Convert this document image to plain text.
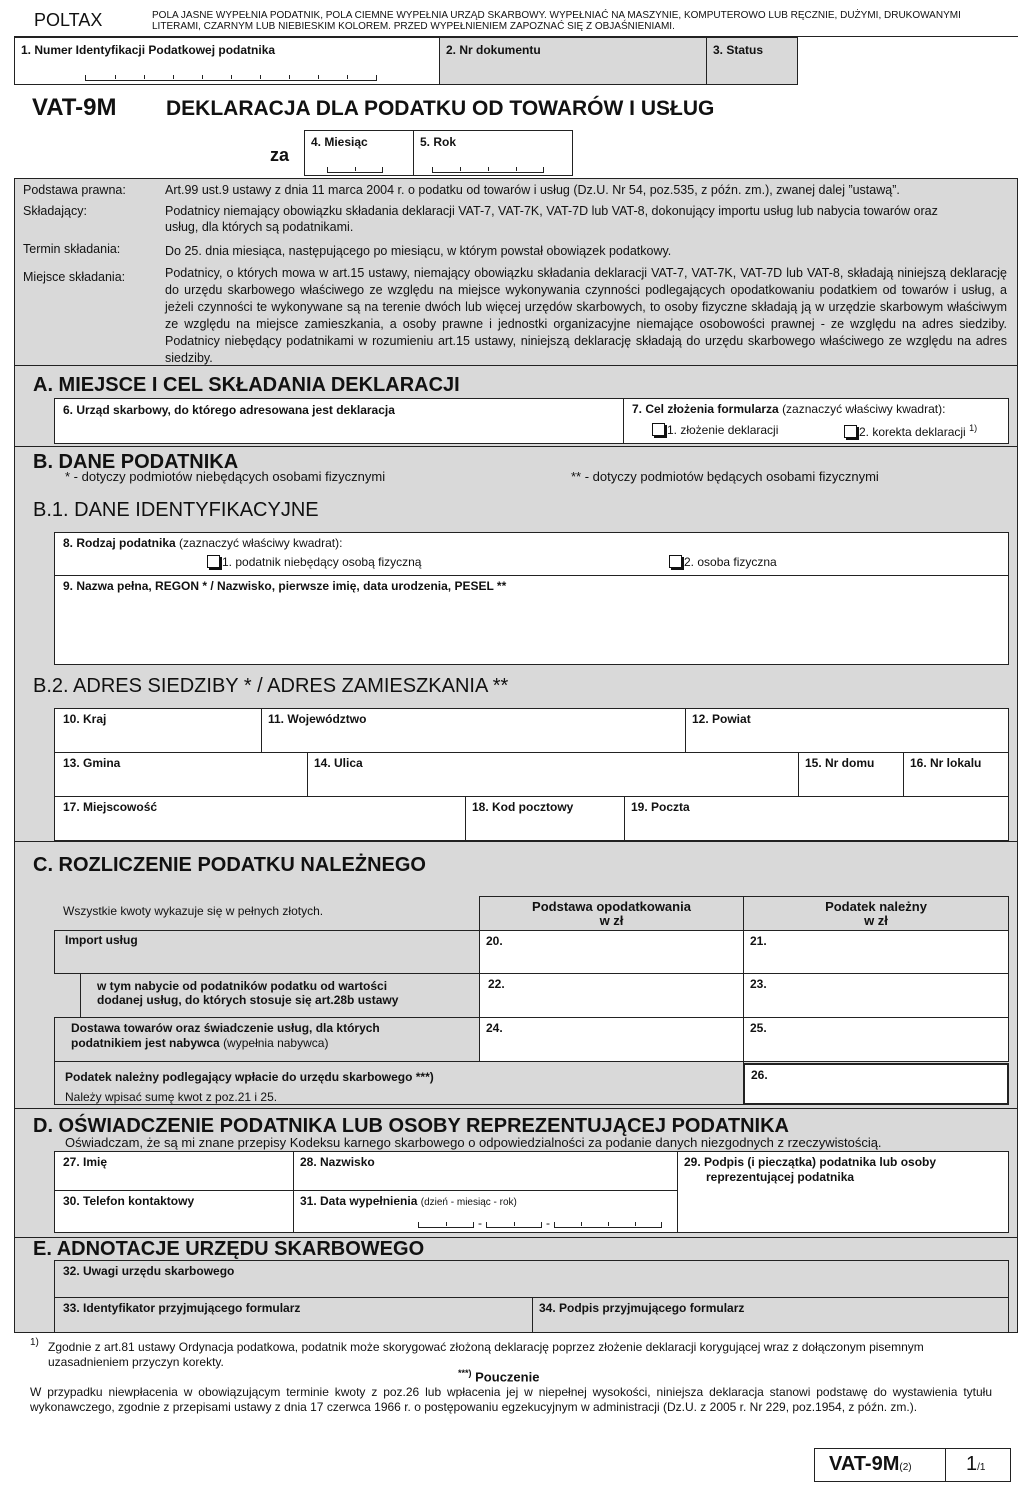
POLTAX	POLA JASNE WYPEŁNIA PODATNIK, POLA CIEMNE WYPEŁNIA URZĄD SKARBOWY. WYPEŁNIAĆ NA MASZYNIE, KOMPUTEROWO LUB RĘCZNIE, DUŻYMI, DRUKOWANYMI LITERAMI, CZARNYM LUB NIEBIESKIM KOLOREM. PRZED WYPEŁNIENIEM ZAPOZNAĆ SIĘ Z OBJAŚNIENIAMI.
1. Numer Identyfikacji Podatkowej podatnika	2. Nr dokumentu	3. Status
VAT-9M DEKLARACJA DLA PODATKU OD TOWARÓW I USŁUG
za
4. Miesiąc	5. Rok
Podstawa prawna:	Art.99 ust.9 ustawy z dnia 11 marca 2004 r. o podatku od towarów i usług (Dz.U. Nr 54, poz.535, z późn. zm.), zwanej dalej ”ustawą”.
Składający:	Podatnicy niemający obowiązku składania deklaracji VAT-7, VAT-7K, VAT-7D lub VAT-8, dokonujący importu usług lub nabycia towarów oraz usług, dla których są podatnikami.
Termin składania:	Do 25. dnia miesiąca, następującego po miesiącu, w którym powstał obowiązek podatkowy.
Miejsce składania:	Podatnicy, o których mowa w art.15 ustawy, niemający obowiązku składania deklaracji VAT-7, VAT-7K, VAT-7D lub VAT-8, składają niniejszą deklarację do urzędu skarbowego właściwego ze względu na miejsce wykonywania czynności podlegających opodatkowaniu podatkiem od towarów i usług, a jeżeli czynności te wykonywane są na terenie dwóch lub więcej urzędów skarbowych, to osoby fizyczne składają ją w urzędzie skarbowym właściwym ze względu na miejsce zamieszkania, a osoby prawne i jednostki organizacyjne niemające osobowości prawnej - ze względu na adres siedziby. Podatnicy niebędący podatnikami w rozumieniu art.15 ustawy, niniejszą deklarację składają do urzędu skarbowego właściwego ze względu na adres siedziby.
A. MIEJSCE I CEL SKŁADANIA DEKLARACJI
6. Urząd skarbowy, do którego adresowana jest deklaracja	7. Cel złożenia formularza (zaznaczyć właściwy kwadrat):
1. złożenie deklaracji	2. korekta deklaracji $^{1)}$
B. DANE PODATNIKA
* - dotyczy podmiotów niebędących osobami fizycznymi	** - dotyczy podmiotów będących osobami fizycznymi
B.1. DANE IDENTYFIKACYJNE
B.2. ADRES SIEDZIBY * / ADRES ZAMIESZKANIA **
8. Rodzaj podatnika (zaznaczyć właściwy kwadrat):
1. podatnik niebędący osobą fizyczną	2. osoba fizyczna
9. Nazwa pełna, REGON * / Nazwisko, pierwsze imię, data urodzenia, PESEL **
10. Kraj	11. Województwo	12. Powiat
13. Gmina	14. Ulica	15. Nr domu	16. Nr lokalu
17. Miejscowość	18. Kod pocztowy	19. Poczta
C. ROZLICZENIE PODATKU NALEŻNEGO
Wszystkie kwoty wykazuje się w pełnych złotych.	Podstawa opodatkowania
w zł
Podatek należny
w zł
Import usług	20.	21.
w tym nabycie od podatników podatku od wartości
dodanej usług, do których stosuje się art.28b ustawy
22.	23.
Dostawa towarów oraz świadczenie usług, dla których
podatnikiem jest nabywca (wypełnia nabywca)
24.	25.
Podatek należny podlegający wpłacie do urzędu skarbowego ***)
Należy wpisać sumę kwot z poz.21 i 25.
26.
D. OŚWIADCZENIE PODATNIKA LUB OSOBY REPREZENTUJĄCEJ PODATNIKA
Oświadczam, że są mi znane przepisy Kodeksu karnego skarbowego o odpowiedzialności za podanie danych niezgodnych z rzeczywistością.
27. Imię	28. Nazwisko	29. Podpis (i pieczątka) podatnika lub osoby
reprezentującej podatnika
30. Telefon kontaktowy	31. Data wypełnienia (dzień - miesiąc - rok)
-	-
E. ADNOTACJE URZĘDU SKARBOWEGO
32. Uwagi urzędu skarbowego
33. Identyfikator przyjmującego formularz	34. Podpis przyjmującego formularz
1) Zgodnie z art.81 ustawy Ordynacja podatkowa, podatnik może skorygować złożoną deklarację poprzez złożenie deklaracji korygującej wraz z dołączonym pisemnym uzasadnieniem przyczyn korekty.
***) Pouczenie
W przypadku niewpłacenia w obowiązującym terminie kwoty z poz.26 lub wpłacenia jej w niepełnej wysokości, niniejsza deklaracja stanowi podstawę do wystawienia tytułu wykonawczego, zgodnie z przepisami ustawy z dnia 17 czerwca 1966 r. o postępowaniu egzekucyjnym w administracji (Dz.U. z 2005 r. Nr 229, poz.1954, z późn. zm.).
VAT-9M(2)	1/1
